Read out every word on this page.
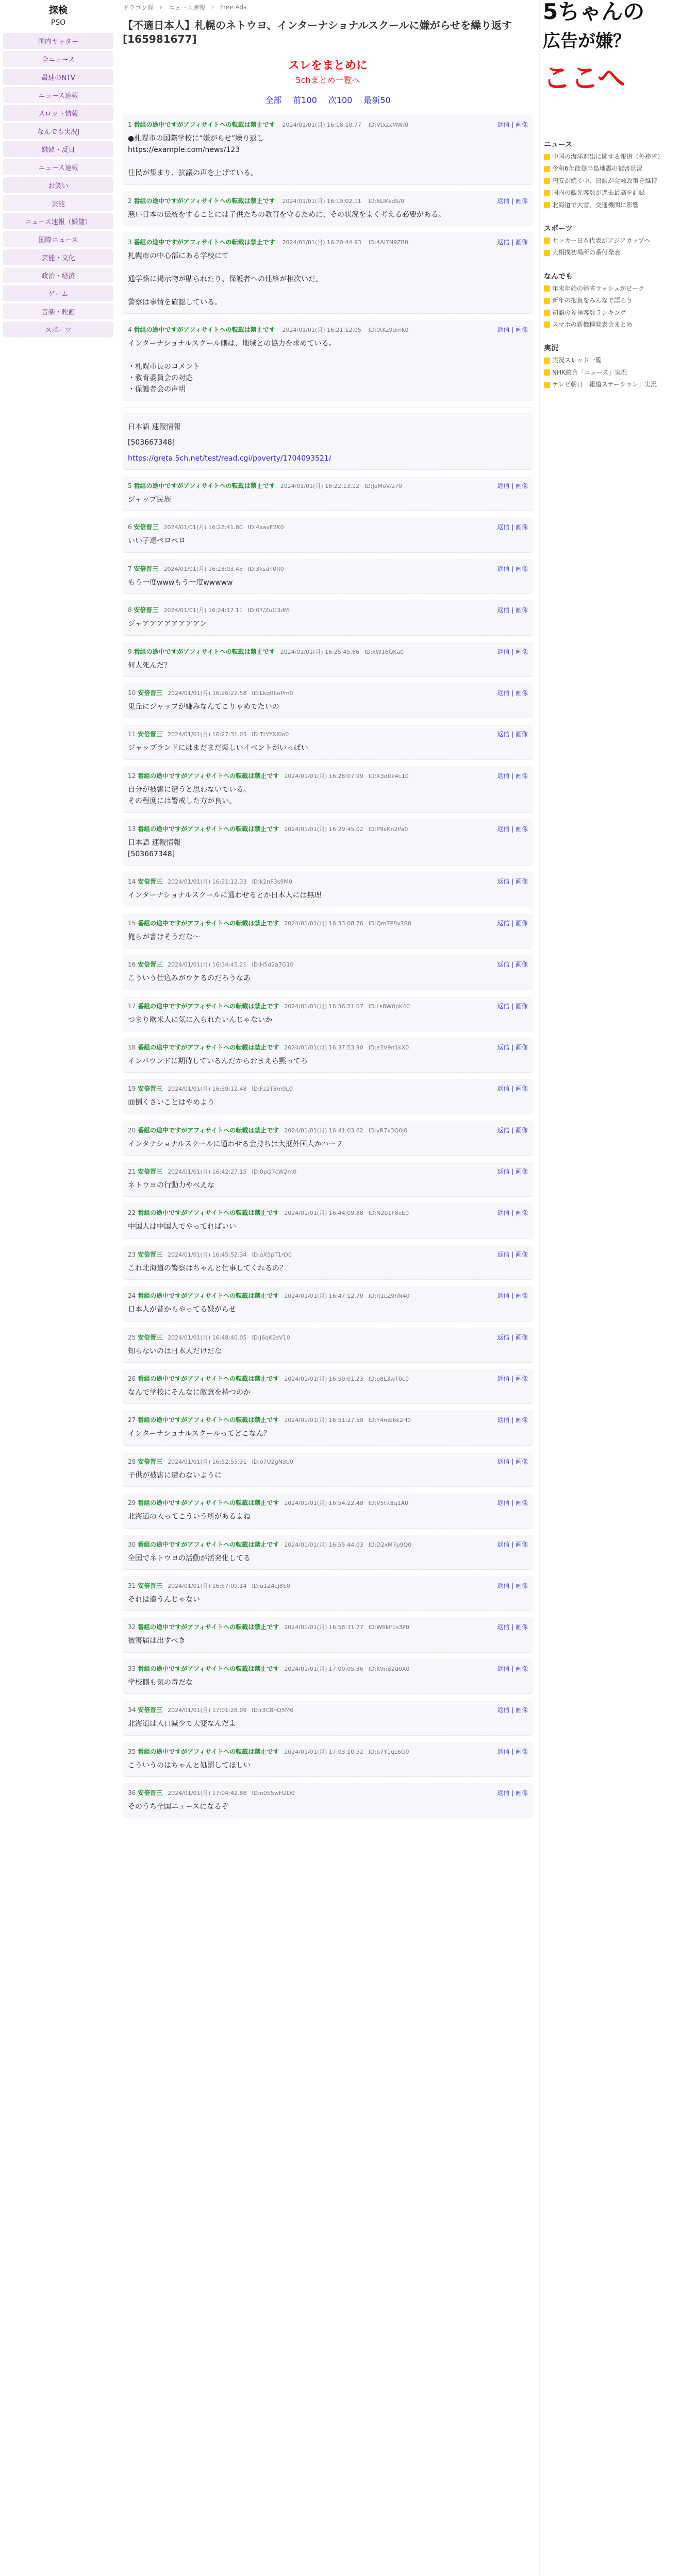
探検
PSO
国内ヤッター
全ニュース
最速のNTV
ニュース速報
スロット情報
なんでも実況J
嫌韓・反日
ニュース速報
お笑い
芸能
ニュース速報（嫌儲）
国際ニュース
芸能・文化
政治・経済
ゲーム
音楽・映画
スポーツ
ドラゴン隊 › ニュース速報 › Free Ads
【不適日本人】札幌のネトウヨ、インターナショナルスクールに嫌がらせを繰り返す [165981677]
スレをまとめに
5chまとめ一覧へ
全部 前100 次100 最新50
1 番組の途中ですがアフィサイトへの転載は禁止です 2024/01/01(月) 16:18:10.77 ID:VtxzxMW/0	返信 | 画像
●札幌市の国際学校に“嫌がらせ”繰り返し
https://example.com/news/123

住民が集まり、抗議の声を上げている。
2 番組の途中ですがアフィサイトへの転載は禁止です 2024/01/01(月) 16:19:02.11 ID:6LIKsdS/0	返信 | 画像
悪い日本の伝統をすることには子供たちの教育を守るために、その状況をよく考える必要がある。
3 番組の途中ですがアフィサイトへの転載は禁止です 2024/01/01(月) 16:20:44.93 ID:4Al7N9ZB0	返信 | 画像
札幌市の中心部にある学校にて

通学路に掲示物が貼られたり、保護者への連絡が相次いだ。

警察は事情を確認している。
4 番組の途中ですがアフィサイトへの転載は禁止です 2024/01/01(月) 16:21:12.05 ID:0tKz9dmk0	返信 | 画像
インターナショナルスクール側は、地域との協力を求めている。

・札幌市長のコメント
・教育委員会の対応
・保護者会の声明
日本語 速報情報
[503667348]
https://greta.5ch.net/test/read.cgi/poverty/1704093521/
5 番組の途中ですがアフィサイトへの転載は禁止です 2024/01/01(月) 16:22:13.12 ID:JoMeV/z70	返信 | 画像
ジャップ民族
6 安倍晋三 2024/01/01(月) 16:22:41.80 ID:4xayF2K0	返信 | 画像
いい子達ペロペロ
7 安倍晋三 2024/01/01(月) 16:23:03.45 ID:3ksdT0R0	返信 | 画像
もう一度wwwもう一度wwwww
8 安倍晋三 2024/01/01(月) 16:24:17.11 ID:07/ZuG3dM	返信 | 画像
ジャアアアアアアアアン
9 番組の途中ですがアフィサイトへの転載は禁止です 2024/01/01(月) 16:25:45.66 ID:kW16QKa0	返信 | 画像
何人死んだ？
10 安倍晋三 2024/01/01(月) 16:26:22.58 ID:Lkq0EePm0	返信 | 画像
鬼丘にジャップが嫌みなんてこりゃめでたいの
11 安倍晋三 2024/01/01(月) 16:27:31.03 ID:TLYYXKio0	返信 | 画像
ジャップランドにはまだまだ楽しいイベントがいっぱい
12 番組の途中ですがアフィサイトへの転載は禁止です 2024/01/01(月) 16:28:07.99 ID:X3dRk4c10	返信 | 画像
自分が被害に遭うと思わないでいる。
その程度には警戒した方が良い。
13 番組の途中ですがアフィサイトへの転載は禁止です 2024/01/01(月) 16:29:45.02 ID:P9xKn2Pa0	返信 | 画像
日本語 速報情報
[503667348]
14 安倍晋三 2024/01/01(月) 16:31:12.33 ID:k2nF3s9M0	返信 | 画像
インターナショナルスクールに通わせるとか日本人には無理
15 番組の途中ですがアフィサイトへの転載は禁止です 2024/01/01(月) 16:33:08.76 ID:Qm7P8v1B0	返信 | 画像
俺らが書けそうだな～
16 安倍晋三 2024/01/01(月) 16:34:45.21 ID:H5d2a7G10	返信 | 画像
こういう仕込みがウケるのだろうなあ
17 番組の途中ですがアフィサイトへの転載は禁止です 2024/01/01(月) 16:36:21.07 ID:Ls8W0pK40	返信 | 画像
つまり欧米人に気に入られたいんじゃないか
18 番組の途中ですがアフィサイトへの転載は禁止です 2024/01/01(月) 16:37:53.90 ID:e3V9n1kX0	返信 | 画像
インバウンドに期待しているんだからおまえら黙ってろ
19 安倍晋三 2024/01/01(月) 16:39:12.48 ID:Fz2T8m0L0	返信 | 画像
面倒くさいことはやめよう
20 番組の途中ですがアフィサイトへの転載は禁止です 2024/01/01(月) 16:41:03.62 ID:yR7k3Q0j0	返信 | 画像
インタナショナルスクールに通わせる金持ちは大抵外国人かハーフ
21 安倍晋三 2024/01/01(月) 16:42:27.15 ID:0pQ7cW2m0	返信 | 画像
ネトウヨの行動力やべえな
22 番組の途中ですがアフィサイトへの転載は禁止です 2024/01/01(月) 16:44:09.88 ID:N2b1F8vE0	返信 | 画像
中国人は中国人でやってればいい
23 安倍晋三 2024/01/01(月) 16:45:52.34 ID:aX5pT1rD0	返信 | 画像
これ北海道の警察はちゃんと仕事してくれるの？
24 番組の途中ですがアフィサイトへの転載は禁止です 2024/01/01(月) 16:47:12.70 ID:R1cZ9hN40	返信 | 画像
日本人が昔からやってる嫌がらせ
25 安倍晋三 2024/01/01(月) 16:48:40.05 ID:J6qK2sV10	返信 | 画像
知らないのは日本人だけだな
26 番組の途中ですがアフィサイトへの転載は禁止です 2024/01/01(月) 16:50:01.23 ID:p8L3wT0c0	返信 | 画像
なんで学校にそんなに敵意を持つのか
27 番組の途中ですがアフィサイトへの転載は禁止です 2024/01/01(月) 16:51:27.59 ID:Y4mE6k2H0	返信 | 画像
インターナショナルスクールってどこなん？
28 安倍晋三 2024/01/01(月) 16:52:55.31 ID:o7U2gN3b0	返信 | 画像
子供が被害に遭わないように
29 番組の途中ですがアフィサイトへの転載は禁止です 2024/01/01(月) 16:54:22.48 ID:V5tR8q1A0	返信 | 画像
北海道の人ってこういう所があるよね
30 番組の途中ですがアフィサイトへの転載は禁止です 2024/01/01(月) 16:55:44.03 ID:D2xM7p9Q0	返信 | 画像
全国でネトウヨの活動が活発化してる
31 安倍晋三 2024/01/01(月) 16:57:09.14 ID:u1Z4cJ8S0	返信 | 画像
それは違うんじゃない
32 番組の途中ですがアフィサイトへの転載は禁止です 2024/01/01(月) 16:58:31.77 ID:W6kF1s3P0	返信 | 画像
被害届は出すべき
33 番組の途中ですがアフィサイトへの転載は禁止です 2024/01/01(月) 17:00:05.36 ID:K9nB2d0X0	返信 | 画像
学校側も気の毒だな
34 安倍晋三 2024/01/01(月) 17:01:28.09 ID:r3C8hQ5M0	返信 | 画像
北海道は人口減少で大変なんだよ
35 番組の途中ですがアフィサイトへの転載は禁止です 2024/01/01(月) 17:03:10.52 ID:b7Y1qL6G0	返信 | 画像
こういうのはちゃんと処罰してほしい
36 安倍晋三 2024/01/01(月) 17:04:42.88 ID:n0S5wH2D0	返信 | 画像
そのうち全国ニュースになるぞ
5ちゃんの
広告が嫌？
ここへ
ニュース
中国の海洋進出に関する報道（外務省）
令和6年能登半島地震の被害状況
円安が続く中、日銀が金融政策を維持
国内の観光客数が過去最高を記録
北海道で大雪、交通機関に影響
スポーツ
サッカー日本代表がアジアカップへ
大相撲初場所の番付発表
なんでも
年末年始の帰省ラッシュがピーク
新年の抱負をみんなで語ろう
初詣の参拝客数ランキング
スマホの新機種発表会まとめ
実況
実況スレッド一覧
NHK総合「ニュース」実況
テレビ朝日「報道ステーション」実況
